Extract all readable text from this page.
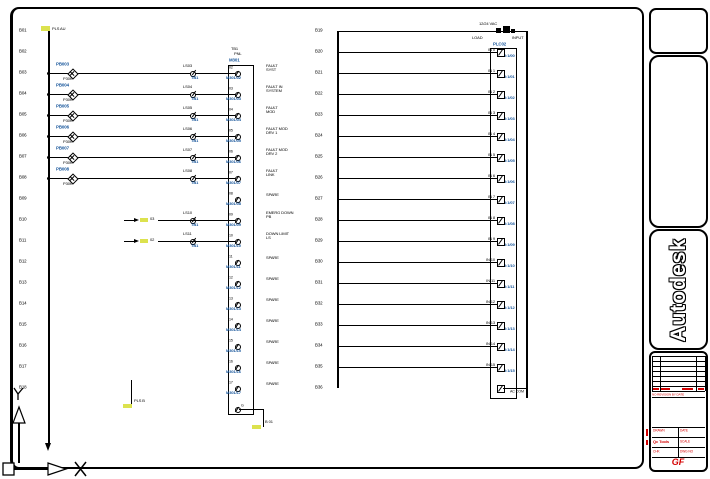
Autodesk
B01
B02
B03
B04
B05
B06
B07
B08
B09
B10
B11
B12
B13
B14
B15
B16
B17
B18
PLS AU
PB003
P30K
PB004
P30K
PB005
P30K
PB006
P30K
PB007
P30K
PB008
P30K
LS03
TB1
LS04
TB1
LS05
TB1
LS06
TB1
LS07
TB1
LS08
TB1
LS10
TB1
LS11
TB1
03
02
PLS B
TB1
PNL
M301
02
M301/02
03
M301/03
04
M301/04
05
M301/05
06
M301/06
07
M301/07
08
M301/08
09
M301/09
10
M301/10
11
M301/11
12
M301/12
13
M301/13
14
M301/14
15
M301/15
16
M301/16
17
M301/17
G
B 01
FAULT
SYST
FAULT IN
SYSTEM
FAULT
MOD
FAULT MOD
DRV 1
FAULT MOD
DRV 2
FAULT
LINK
SPARE
EMERG DOWN
PB
DOWN LIMIT
LS
SPARE
SPARE
SPARE
SPARE
SPARE
SPARE
SPARE
B19
B20
B21
B22
B23
B24
B25
B26
B27
B28
B29
B30
B31
B32
B33
B34
B35
B36
IN 0
I:1/00
IN 1
I:1/01
IN 2
I:1/02
IN 3
I:1/03
IN 4
I:1/04
IN 5
I:1/05
IN 6
I:1/06
IN 7
I:1/07
IN 8
I:1/08
IN 9
I:1/09
IN 10
I:1/10
IN 11
I:1/11
IN 12
I:1/12
IN 13
I:1/13
IN 14
I:1/14
IN 15
I:1/15
AC COM
12/24 VAC
LOAD	INPUT
PLC02
NO REVISION BY DATE
DRAWN DATE
Qc Tools SCALE
CHK	DWG NO
GF
